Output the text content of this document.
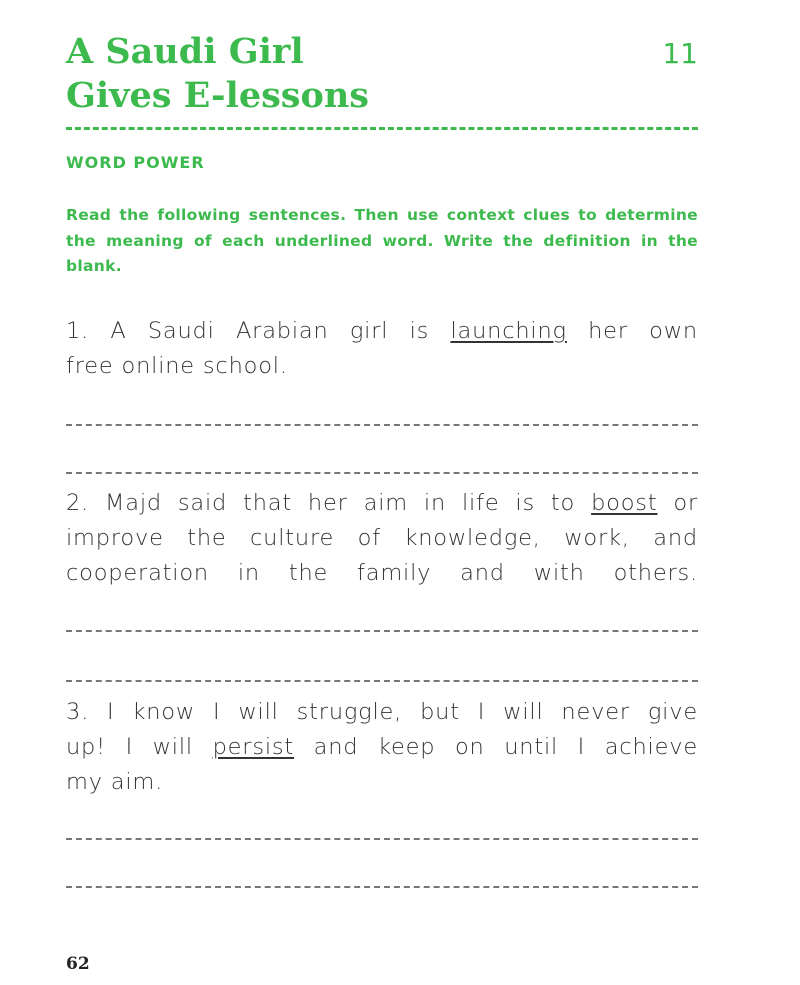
A Saudi Girl
Gives E-lessons
11
WORD POWER
Read the following sentences. Then use context clues to determine the meaning of each underlined word. Write the definition in the blank.
1. A Saudi Arabian girl is launching her own
free online school.
2. Majd said that her aim in life is to boost or
improve the culture of knowledge, work, and
cooperation in the family and with others.
3. I know I will struggle, but I will never give
up! I will persist and keep on until I achieve
my aim.
62
